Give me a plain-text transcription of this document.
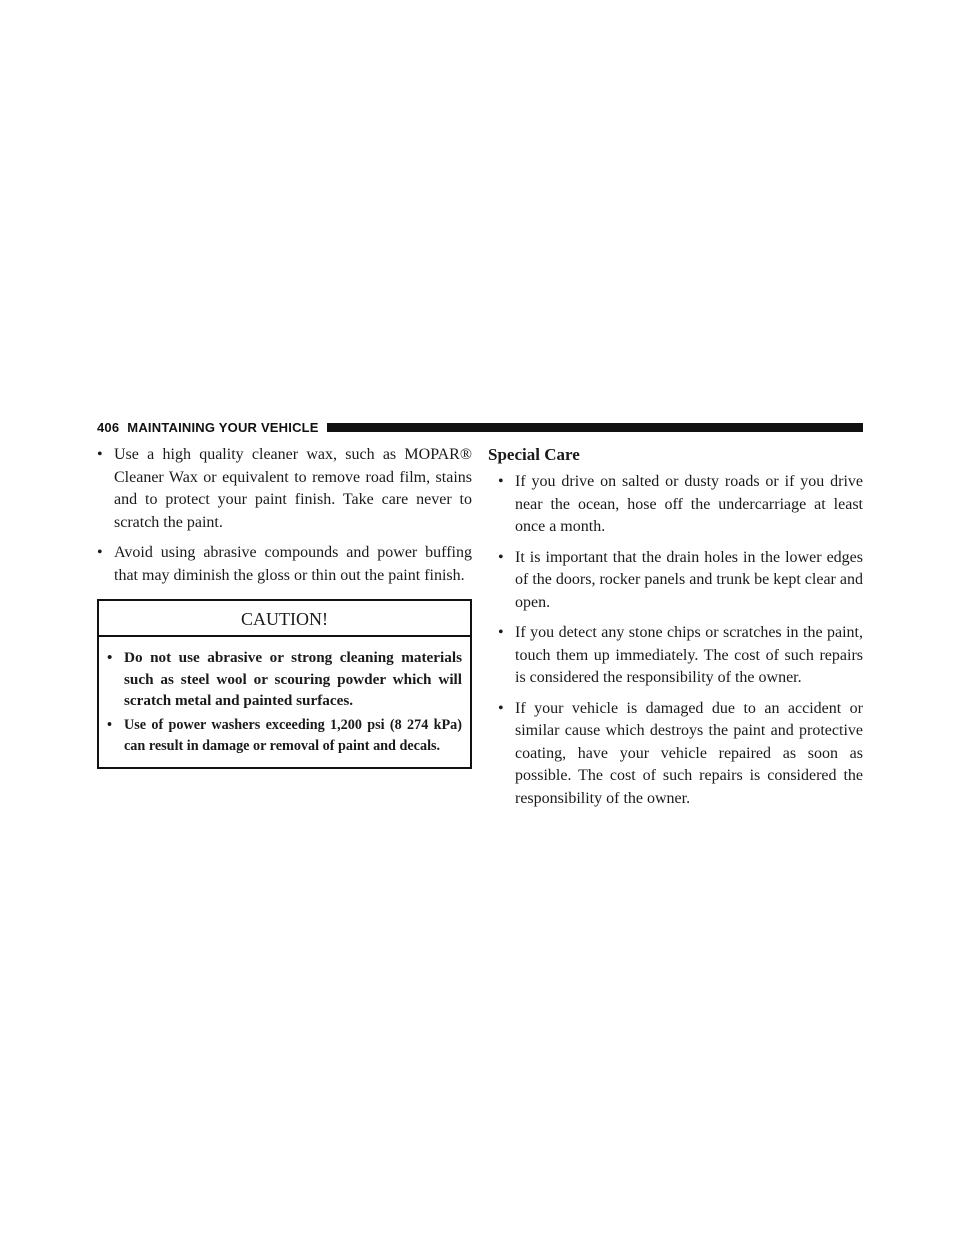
406 MAINTAINING YOUR VEHICLE
• Use a high quality cleaner wax, such as MOPAR® Cleaner Wax or equivalent to remove road film, stains and to protect your paint finish. Take care never to scratch the paint.
• Avoid using abrasive compounds and power buffing that may diminish the gloss or thin out the paint finish.
CAUTION!
• Do not use abrasive or strong cleaning materials such as steel wool or scouring powder which will scratch metal and painted surfaces.
• Use of power washers exceeding 1,200 psi (8 274 kPa) can result in damage or removal of paint and decals.
Special Care
• If you drive on salted or dusty roads or if you drive near the ocean, hose off the undercarriage at least once a month.
• It is important that the drain holes in the lower edges of the doors, rocker panels and trunk be kept clear and open.
• If you detect any stone chips or scratches in the paint, touch them up immediately. The cost of such repairs is considered the responsibility of the owner.
• If your vehicle is damaged due to an accident or similar cause which destroys the paint and protective coating, have your vehicle repaired as soon as possible. The cost of such repairs is considered the responsibility of the owner.
